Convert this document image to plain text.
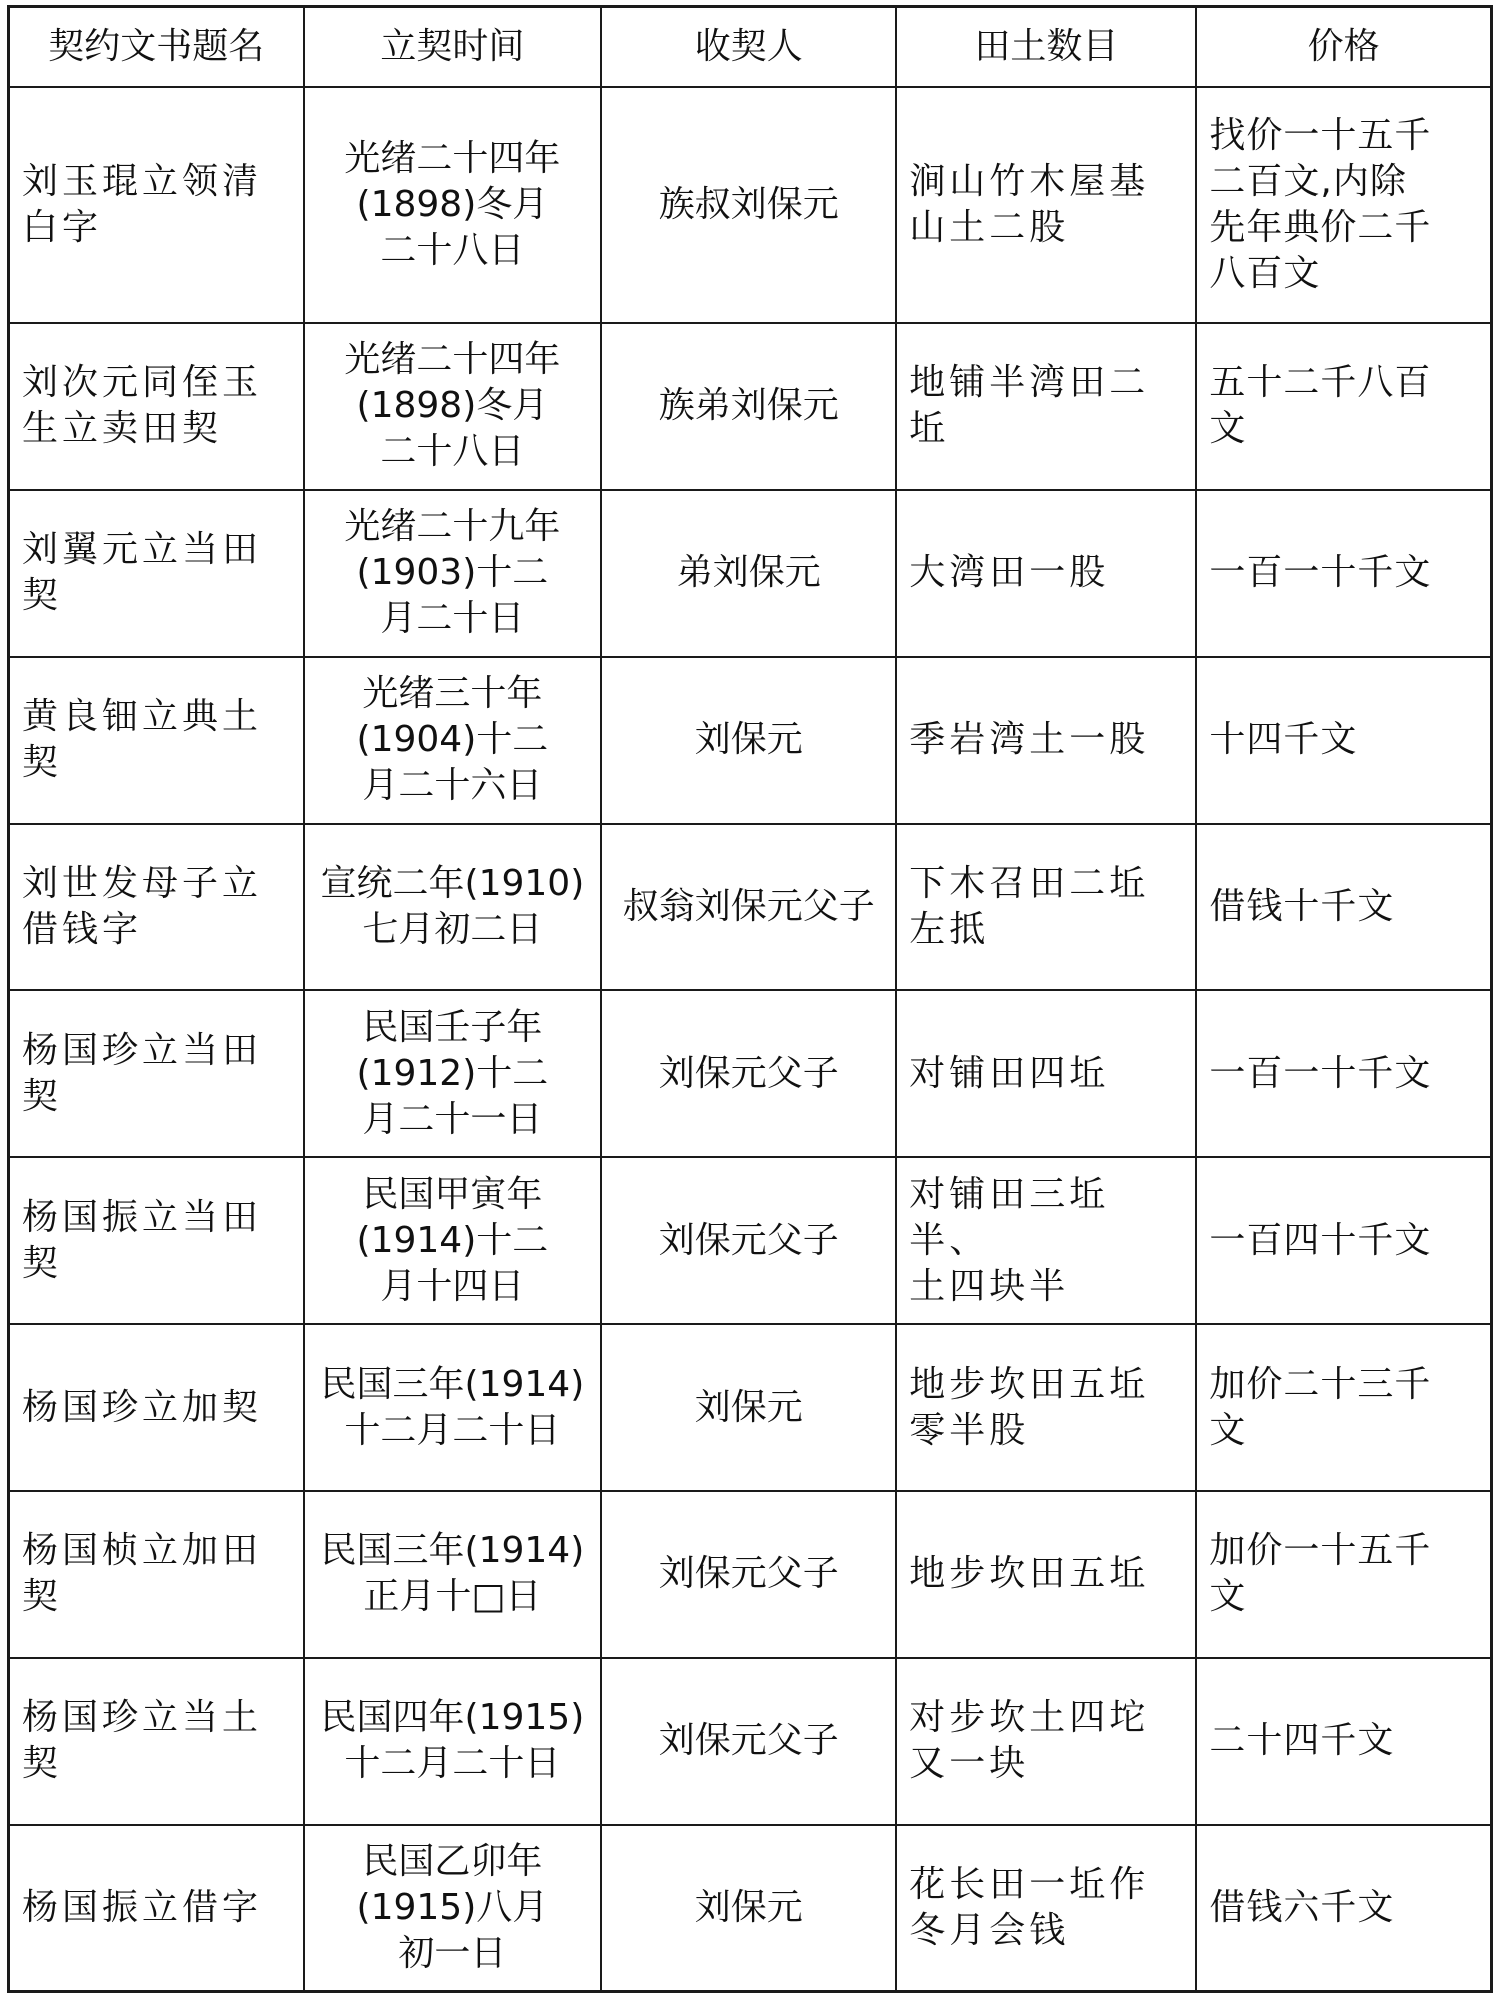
契约文书题名	立契时间	收契人	田土数目	价格

刘玉琨立领清
白字	光绪二十四年
(1898)冬月
二十八日	族叔刘保元	涧山竹木屋基
山土二股	找价一十五千
二百文,内除
先年典价二千
八百文

刘次元同侄玉
生立卖田契	光绪二十四年
(1898)冬月
二十八日	族弟刘保元	地铺半湾田二
坵	五十二千八百
文

刘翼元立当田契	光绪二十九年
(1903)十二
月二十日	弟刘保元	大湾田一股	一百一十千文

黄良钿立典土契	光绪三十年
(1904)十二
月二十六日	刘保元	季岩湾土一股	十四千文

刘世发母子立
借钱字	宣统二年(1910)
七月初二日	叔翁刘保元父子	下木召田二坵
左抵	借钱十千文

杨国珍立当田契	民国壬子年
(1912)十二
月二十一日	刘保元父子	对铺田四坵	一百一十千文

杨国振立当田契	民国甲寅年
(1914)十二
月十四日	刘保元父子	对铺田三坵半、
土四块半	一百四十千文

杨国珍立加契	民国三年(1914)
十二月二十日	刘保元	地步坎田五坵
零半股	加价二十三千
文

杨国桢立加田契	民国三年(1914)
正月十□日	刘保元父子	地步坎田五坵	加价一十五千
文

杨国珍立当土契	民国四年(1915)
十二月二十日	刘保元父子	对步坎土四坨
又一块	二十四千文

杨国振立借字	民国乙卯年
(1915)八月
初一日	刘保元	花长田一坵作
冬月会钱	借钱六千文
